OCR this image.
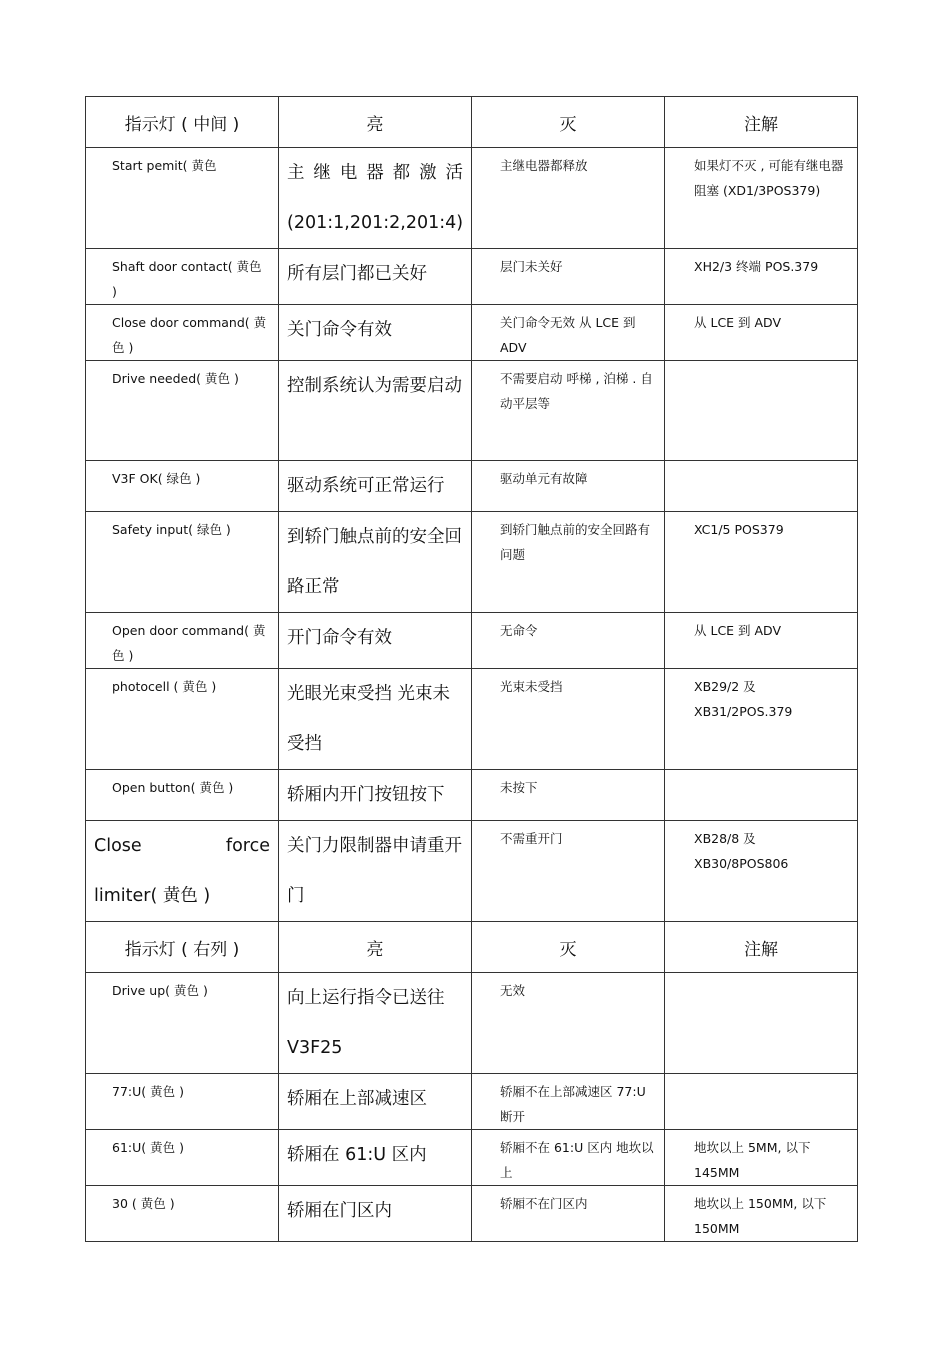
指示灯 ( 中间 )	亮	灭	注解

Start pemit( 黄色	主 继 电 器 都 激 活 (201:1,201:2,201:4)	主继电器都释放	如果灯不灭 , 可能有继电器阻塞 (XD1/3POS379)

Shaft door contact( 黄色 )	所有层门都已关好	层门未关好	XH2/3 终端 POS.379

Close door command( 黄色 )	关门命令有效	关门命令无效 从 LCE 到 ADV	从 LCE 到 ADV

Drive needed( 黄色 )	控制系统认为需要启动	不需要启动 呼梯 , 泊梯 . 自动平层等	

V3F OK( 绿色 )	驱动系统可正常运行	驱动单元有故障	

Safety input( 绿色 )	到轿门触点前的安全回路正常	到轿门触点前的安全回路有问题	XC1/5 POS379

Open door command( 黄色 )	开门命令有效	无命令	从 LCE 到 ADV

photocell ( 黄色 )	光眼光束受挡 光束未受挡	光束未受挡	XB29/2 及 XB31/2POS.379

Open button( 黄色 )	轿厢内开门按钮按下	未按下	

Close force
limiter( 黄色 )	关门力限制器申请重开门	不需重开门	XB28/8 及 XB30/8POS806

指示灯 ( 右列 )	亮	灭	注解

Drive up( 黄色 )	向上运行指令已送往 V3F25	无效	

77:U( 黄色 )	轿厢在上部减速区	轿厢不在上部减速区 77:U 断开	

61:U( 黄色 )	轿厢在 61:U 区内	轿厢不在 61:U 区内 地坎以上	地坎以上 5MM, 以下 145MM

30 ( 黄色 )	轿厢在门区内	轿厢不在门区内	地坎以上 150MM, 以下 150MM
